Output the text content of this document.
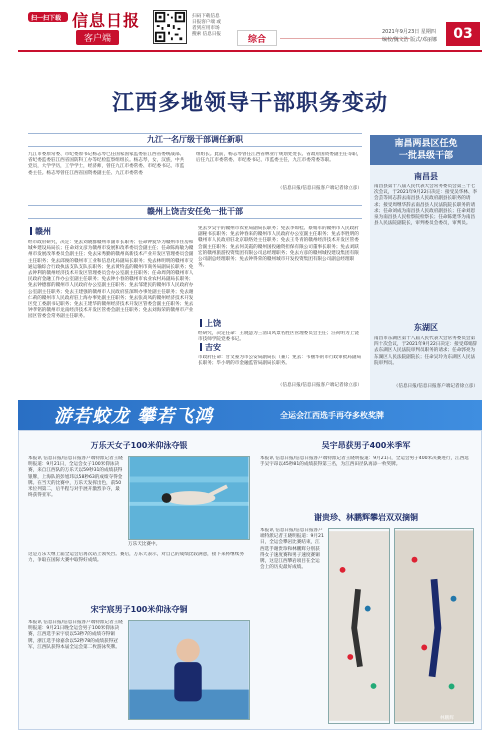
扫一扫下载 信息日报
客户端
扫码下载信息日报客户端 或者到应用市场搜索 信息日报	综合
2021年9月23日 星期四
编校/魏文浩 版式/邓丽娜	03
江西多地领导干部职务变动
九江一名厅级干部调任新职
九江市委原常委、市纪委原书记杨志琴已任国家国家监委驻江西省委统战部、省纪委监委驻江西省国防科工办等纪检监察组组长。杨志琴，女，汉族，中共党员，大学学历，工学学士，经济师，曾任九江市委常委、市纪委书记、市监委主任。杨志琴曾任江西省国资委副主任、九江市委常委
组组长。此前，杨志琴曾任江西省林业厅规划处处长、省政府国资委副主任等职，后任九江市委常委、市纪委书记、市监委主任，九江市委常委等职。
（信息日报/信息日报客户端记者徐立彦）
赣州上饶吉安任免一批干部
赣州
经市政府研究，决定：免去刘晓群赣州市副市长职务；任命钟爱华为赣州市住房和城乡建设局局长；任命刘文彦为赣州市发展和改革委员会副主任；任命陈海敏为赣州市发展改革委员会副主任；免去宋秀勤的赣州高新技术产业开发区管理委员会副主任职务；免去邱俊的赣州市工业和信息化局副局长职务；免去林明明的赣州市交通运输综合行政执法支队支队长职务；免去黄特盖的赣州市商务局副局长职务；免去钟利的赣州经济技术开发区管理委员会办公室副主任职务；任命周剑的赣州市人民政府金融工作办公室副主任职务；免去钟小春的赣州市农业农村局副局长职务；免去钟德群的赣州市人民政府办公室副主任职务；免去邹建民的赣州市人民政府办公室副主任职务；免去王建强的赣州市人民政府驻深圳办事处副主任职务；免去谢仁莉的赣州市人民政府驻上海办事处副主任职务；免去张高凤的赣州经济技术开发区党工委副书记职务；免去王建华的赣州经济技术开发区管委会副主任职务；免去钟孝铭的赣州市龙南经济技术开发区管委会副主任职务；免去刘海荣的赣州市产业园区管委会常务副主任职务。
免去罗昊宇的赣州市农业局副局长职务；免去李如桂、蔡娟军的赣州市人民政府副秘书长职务；免去钟春来的赣州市人民政府办公室副主任职务；免去李胜明的赣州市人民政府驻北京联络处主任职务；免去王冬青的赣州经济技术开发区管委会副主任职务；免去何美霞的赣州国投融资担保有限公司董事长职务；免去刘跃宏的赣州旅游投资集团有限公司总经理职务；免去方彦的赣州城投建设集团有限公司副总经理职务；免去钟得荣的赣州城市开发投资集团有限公司副总经理职务。
上饶
经研究，决定任命：王晓慧为三清山风景名胜区管理委员会主任；汪荷明为上饶市技师学院党委书记。
吉安
市政府任命：甘文豪为市公安局副局长（兼）；免去：韦丽华的市行政审批局副局长职务；毕小明的市金融监管局副局长职务。
（信息日报/信息日报客户端记者徐立彦）
南昌两县区任免
一批县级干部
南昌县
南昌县第十八届人民代表大会常务委员会第三十七次会议，于2021年9月22日决定：接受吴华林、李会芸等同志辞去南昌县人民政府副县长职务的请求；接受周继华辞去南昌县人民法院院长职务的请求；任命刘成为南昌县人民政府副县长；任命刘恩泉为南昌县人民检察院检察长；任命陈建华为南昌县人民法院副院长，审判委员会委员，审判员。
东湖区
南昌市东湖区第十八届人民代表大会常务委员会第四十次会议，于2021年9月22日决定：接受郑娟辞去东湖区人民法院审判员职务的请求；任命郭亮为东湖区人民法院副院长；任命吴玲为东湖区人民法院审判员。
（信息日报/信息日报客户端记者徐立彦）
游若蛟龙 攀若飞鸿	全运会江西选手再夺多枚奖牌
万乐天女子100米仰泳夺银
本报讯 信息日报/信息日报客户端特派记者王晓明报道：9月21日，全运会女子100米仰泳决赛，来自江西队的万乐天以59秒31的成绩获得银牌，上海队的彭旭玮以58秒63的成绩夺得金牌。在当天的比赛中，万乐天发挥出色，前50米位列第二，后半程与对手展开激烈争夺，最终获得亚军。
万乐天比赛中。
这是万乐天继上届全运会后再次站上领奖台。赛后，万乐天表示，对自己的成绩比较满意，接下来将继续努力，争取在国际大赛中取得好成绩。
宋宇宸男子100米仰泳夺铜
本报讯 信息日报/信息日报客户端特派记者王晓明报道：9月21日晚全运会男子100米仰泳决赛，江西选手宋宇宸以53秒7的成绩夺得铜牌，浙江选手徐嘉余以52秒78的成绩获得冠军，江西队获得本届全运会第二枚游泳奖牌。
吴宇昂获男子400米季军
本报讯 信息日报/信息日报客户端特派记者王晓明报道：9月21日，全运会男子400米决赛进行，江西选手吴宇昂以45秒81的成绩获得第三名，为江西田径队再添一枚奖牌。
谢贵珍、林鹏辉攀岩双双摘铜
本报讯 信息日报/信息日报客户端特派记者王晓明报道：9月21日，全运会攀岩比赛结束，江西选手谢贵珍和林鹏辉分别获得女子速度赛和男子速度赛铜牌，这是江西攀岩项目在全运会上的历史最好成绩。
林鹏辉
